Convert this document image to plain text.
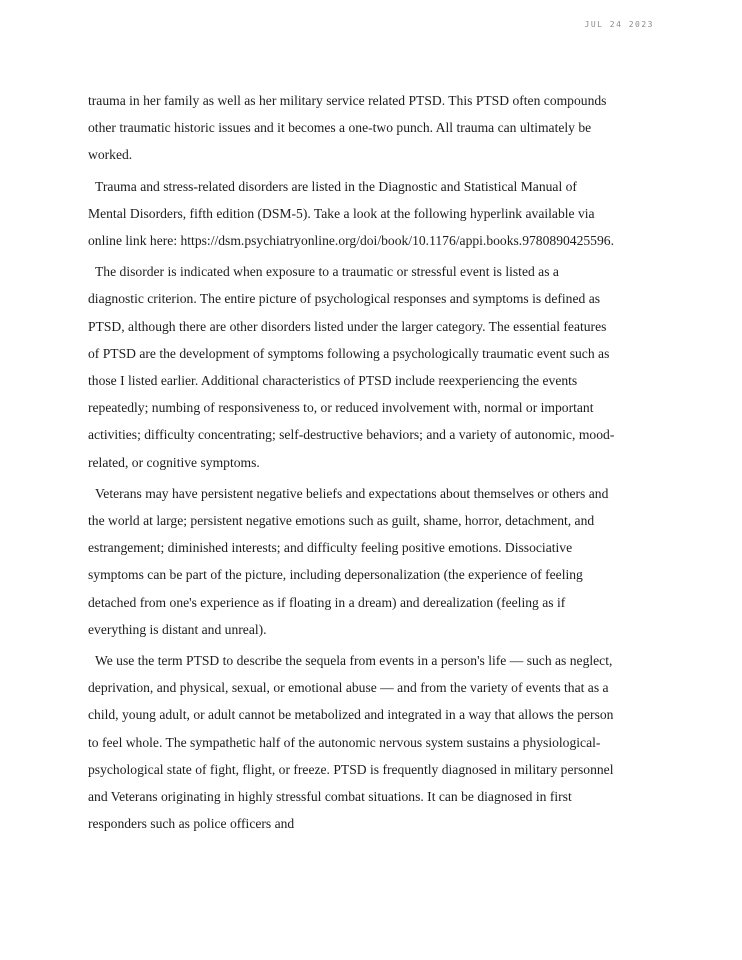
JUL 24 2023

trauma in her family as well as her military service related PTSD. This PTSD often compounds other traumatic historic issues and it becomes a one-two punch. All trauma can ultimately be worked.

Trauma and stress-related disorders are listed in the Diagnostic and Statistical Manual of Mental Disorders, fifth edition (DSM-5). Take a look at the following hyperlink available via online link here: https://dsm.psychiatryonline.org/doi/book/10.1176/appi.books.9780890425596.

The disorder is indicated when exposure to a traumatic or stressful event is listed as a diagnostic criterion. The entire picture of psychological responses and symptoms is defined as PTSD, although there are other disorders listed under the larger category. The essential features of PTSD are the development of symptoms following a psychologically traumatic event such as those I listed earlier. Additional characteristics of PTSD include reexperiencing the events repeatedly; numbing of responsiveness to, or reduced involvement with, normal or important activities; difficulty concentrating; self-destructive behaviors; and a variety of autonomic, mood-related, or cognitive symptoms.

Veterans may have persistent negative beliefs and expectations about themselves or others and the world at large; persistent negative emotions such as guilt, shame, horror, detachment, and estrangement; diminished interests; and difficulty feeling positive emotions. Dissociative symptoms can be part of the picture, including depersonalization (the experience of feeling detached from one's experience as if floating in a dream) and derealization (feeling as if everything is distant and unreal).

We use the term PTSD to describe the sequela from events in a person's life — such as neglect, deprivation, and physical, sexual, or emotional abuse — and from the variety of events that as a child, young adult, or adult cannot be metabolized and integrated in a way that allows the person to feel whole. The sympathetic half of the autonomic nervous system sustains a physiological-psychological state of fight, flight, or freeze. PTSD is frequently diagnosed in military personnel and Veterans originating in highly stressful combat situations. It can be diagnosed in first responders such as police officers and
